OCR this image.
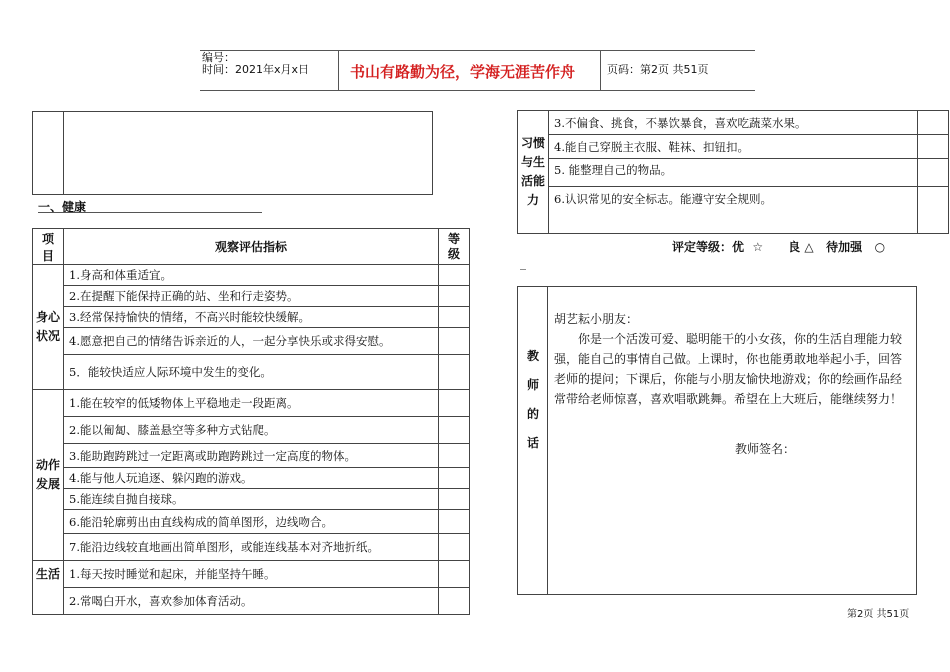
编号：
时间：2021年x月x日	书山有路勤为径，学海无涯苦作舟	页码：第2页 共51页

一、健康
项目	观察评估指标	等级
身心状况	1.身高和体重适宜。	
	2.在提醒下能保持正确的站、坐和行走姿势。	
	3.经常保持愉快的情绪，不高兴时能较快缓解。	
	4.愿意把自己的情绪告诉亲近的人，一起分享快乐或求得安慰。	
	5．能较快适应人际环境中发生的变化。	
动作发展	1.能在较窄的低矮物体上平稳地走一段距离。	
	2.能以匍匐、膝盖悬空等多种方式钻爬。	
	3.能助跑跨跳过一定距离或助跑跨跳过一定高度的物体。	
	4.能与他人玩追逐、躲闪跑的游戏。	
	5.能连续自抛自接球。	
	6.能沿轮廓剪出由直线构成的简单图形，边线吻合。	
	7.能沿边线较直地画出简单图形，或能连线基本对齐地折纸。	
生活	1.每天按时睡觉和起床，并能坚持午睡。	
	2.常喝白开水，喜欢参加体育活动。	
习惯与生活能力	3.不偏食、挑食，不暴饮暴食，喜欢吃蔬菜水果。	
	4.能自己穿脱主衣服、鞋袜、扣钮扣。	
	5. 能整理自己的物品。	
	6.认识常见的安全标志。能遵守安全规则。	
评定等级：优  ☆      良 △   待加强   ○
_
教师的话
胡艺耘小朋友：
你是一个活泼可爱、聪明能干的小女孩，你的生活自理能力较强，能自己的事情自己做。上课时，你也能勇敢地举起小手，回答老师的提问；下课后，你能与小朋友愉快地游戏；你的绘画作品经常带给老师惊喜，喜欢唱歌跳舞。希望在上大班后，能继续努力！
教师签名：
第2页 共51页
